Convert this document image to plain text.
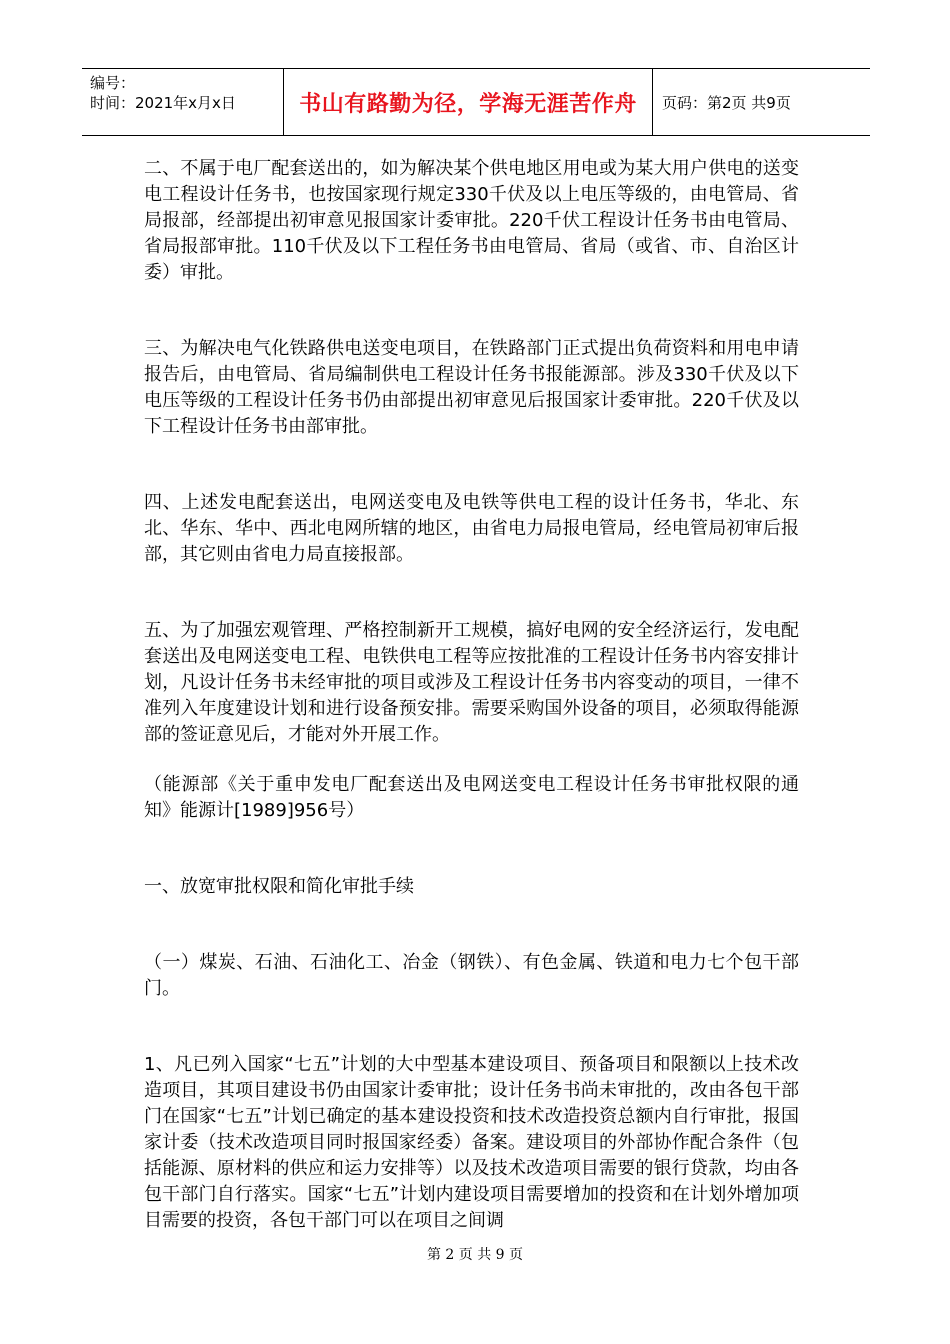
编号：
时间：2021年x月x日	书山有路勤为径，学海无涯苦作舟	页码：第2页 共9页

二、不属于电厂配套送出的，如为解决某个供电地区用电或为某大用户供电的送变电工程设计任务书，也按国家现行规定330千伏及以上电压等级的，由电管局、省局报部，经部提出初审意见报国家计委审批。220千伏工程设计任务书由电管局、省局报部审批。110千伏及以下工程任务书由电管局、省局（或省、市、自治区计委）审批。

三、为解决电气化铁路供电送变电项目，在铁路部门正式提出负荷资料和用电申请报告后，由电管局、省局编制供电工程设计任务书报能源部。涉及330千伏及以下电压等级的工程设计任务书仍由部提出初审意见后报国家计委审批。220千伏及以下工程设计任务书由部审批。

四、上述发电配套送出，电网送变电及电铁等供电工程的设计任务书，华北、东北、华东、华中、西北电网所辖的地区，由省电力局报电管局，经电管局初审后报部，其它则由省电力局直接报部。

五、为了加强宏观管理、严格控制新开工规模，搞好电网的安全经济运行，发电配套送出及电网送变电工程、电铁供电工程等应按批准的工程设计任务书内容安排计划，凡设计任务书未经审批的项目或涉及工程设计任务书内容变动的项目，一律不准列入年度建设计划和进行设备预安排。需要采购国外设备的项目，必须取得能源部的签证意见后，才能对外开展工作。

（能源部《关于重申发电厂配套送出及电网送变电工程设计任务书审批权限的通知》能源计[1989]956号）

一、放宽审批权限和简化审批手续

（一）煤炭、石油、石油化工、冶金（钢铁）、有色金属、铁道和电力七个包干部门。

1、凡已列入国家“七五”计划的大中型基本建设项目、预备项目和限额以上技术改造项目，其项目建设书仍由国家计委审批；设计任务书尚未审批的，改由各包干部门在国家“七五”计划已确定的基本建设投资和技术改造投资总额内自行审批，报国家计委（技术改造项目同时报国家经委）备案。建设项目的外部协作配合条件（包括能源、原材料的供应和运力安排等）以及技术改造项目需要的银行贷款，均由各包干部门自行落实。国家“七五”计划内建设项目需要增加的投资和在计划外增加项目需要的投资，各包干部门可以在项目之间调

第 2 页 共 9 页
